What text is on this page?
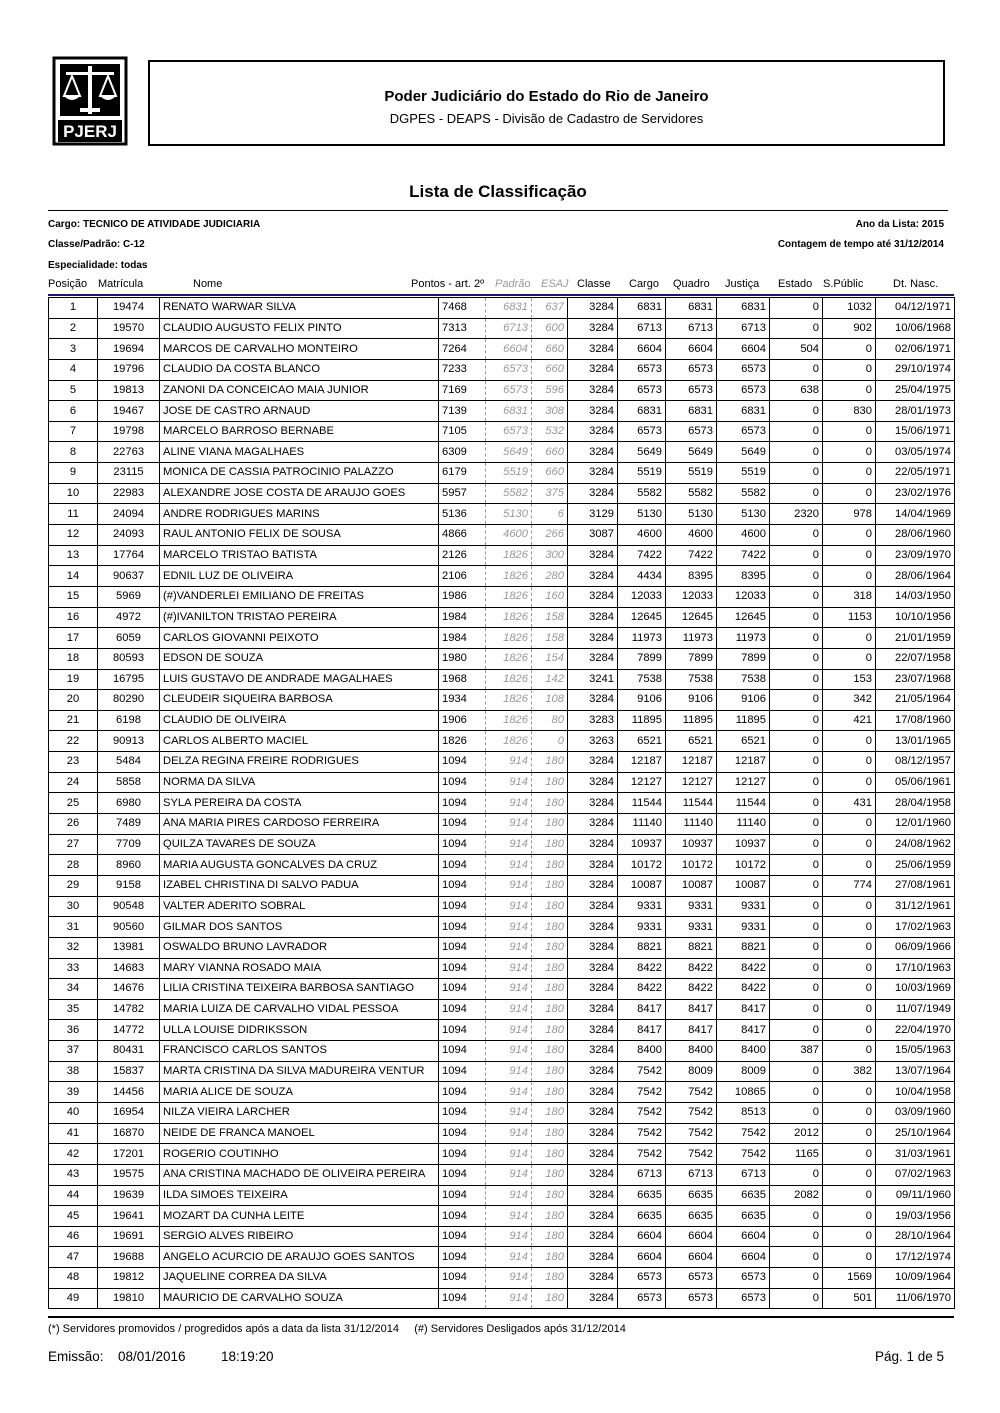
PJERJ
Poder Judiciário do Estado do Rio de Janeiro
DGPES - DEAPS - Divisão de Cadastro de Servidores
Lista de Classificação
Cargo: TECNICO DE ATIVIDADE JUDICIARIA	Ano da Lista: 2015
Classe/Padrão: C-12	Contagem de tempo até 31/12/2014
Especialidade: todas
Posição Matrícula	Nome	Pontos - art. 2º Padrão ESAJ Classe Cargo Quadro Justiça Estado S.Públic	Dt. Nasc.
1	19474	RENATO WARWAR SILVA	7468	6831	637	3284	6831	6831	6831	0	1032	04/12/1971
2	19570	CLAUDIO AUGUSTO FELIX PINTO	7313	6713	600	3284	6713	6713	6713	0	902	10/06/1968
3	19694	MARCOS DE CARVALHO MONTEIRO	7264	6604	660	3284	6604	6604	6604	504	0	02/06/1971
4	19796	CLAUDIO DA COSTA BLANCO	7233	6573	660	3284	6573	6573	6573	0	0	29/10/1974
5	19813	ZANONI DA CONCEICAO MAIA JUNIOR	7169	6573	596	3284	6573	6573	6573	638	0	25/04/1975
6	19467	JOSE DE CASTRO ARNAUD	7139	6831	308	3284	6831	6831	6831	0	830	28/01/1973
7	19798	MARCELO BARROSO BERNABE	7105	6573	532	3284	6573	6573	6573	0	0	15/06/1971
8	22763	ALINE VIANA MAGALHAES	6309	5649	660	3284	5649	5649	5649	0	0	03/05/1974
9	23115	MONICA DE CASSIA PATROCINIO PALAZZO	6179	5519	660	3284	5519	5519	5519	0	0	22/05/1971
10	22983	ALEXANDRE JOSE COSTA DE ARAUJO GOES	5957	5582	375	3284	5582	5582	5582	0	0	23/02/1976
11	24094	ANDRE RODRIGUES MARINS	5136	5130	6	3129	5130	5130	5130	2320	978	14/04/1969
12	24093	RAUL ANTONIO FELIX DE SOUSA	4866	4600	266	3087	4600	4600	4600	0	0	28/06/1960
13	17764	MARCELO TRISTAO BATISTA	2126	1826	300	3284	7422	7422	7422	0	0	23/09/1970
14	90637	EDNIL LUZ DE OLIVEIRA	2106	1826	280	3284	4434	8395	8395	0	0	28/06/1964
15	5969	(#)VANDERLEI EMILIANO DE FREITAS	1986	1826	160	3284	12033	12033	12033	0	318	14/03/1950
16	4972	(#)IVANILTON TRISTAO PEREIRA	1984	1826	158	3284	12645	12645	12645	0	1153	10/10/1956
17	6059	CARLOS GIOVANNI PEIXOTO	1984	1826	158	3284	11973	11973	11973	0	0	21/01/1959
18	80593	EDSON DE SOUZA	1980	1826	154	3284	7899	7899	7899	0	0	22/07/1958
19	16795	LUIS GUSTAVO DE ANDRADE MAGALHAES	1968	1826	142	3241	7538	7538	7538	0	153	23/07/1968
20	80290	CLEUDEIR SIQUEIRA BARBOSA	1934	1826	108	3284	9106	9106	9106	0	342	21/05/1964
21	6198	CLAUDIO DE OLIVEIRA	1906	1826	80	3283	11895	11895	11895	0	421	17/08/1960
22	90913	CARLOS ALBERTO MACIEL	1826	1826	0	3263	6521	6521	6521	0	0	13/01/1965
23	5484	DELZA REGINA FREIRE RODRIGUES	1094	914	180	3284	12187	12187	12187	0	0	08/12/1957
24	5858	NORMA DA SILVA	1094	914	180	3284	12127	12127	12127	0	0	05/06/1961
25	6980	SYLA PEREIRA DA COSTA	1094	914	180	3284	11544	11544	11544	0	431	28/04/1958
26	7489	ANA MARIA PIRES CARDOSO FERREIRA	1094	914	180	3284	11140	11140	11140	0	0	12/01/1960
27	7709	QUILZA TAVARES DE SOUZA	1094	914	180	3284	10937	10937	10937	0	0	24/08/1962
28	8960	MARIA AUGUSTA GONCALVES DA CRUZ	1094	914	180	3284	10172	10172	10172	0	0	25/06/1959
29	9158	IZABEL CHRISTINA DI SALVO PADUA	1094	914	180	3284	10087	10087	10087	0	774	27/08/1961
30	90548	VALTER ADERITO SOBRAL	1094	914	180	3284	9331	9331	9331	0	0	31/12/1961
31	90560	GILMAR DOS SANTOS	1094	914	180	3284	9331	9331	9331	0	0	17/02/1963
32	13981	OSWALDO BRUNO LAVRADOR	1094	914	180	3284	8821	8821	8821	0	0	06/09/1966
33	14683	MARY VIANNA ROSADO MAIA	1094	914	180	3284	8422	8422	8422	0	0	17/10/1963
34	14676	LILIA CRISTINA TEIXEIRA BARBOSA SANTIAGO	1094	914	180	3284	8422	8422	8422	0	0	10/03/1969
35	14782	MARIA LUIZA DE CARVALHO VIDAL PESSOA	1094	914	180	3284	8417	8417	8417	0	0	11/07/1949
36	14772	ULLA LOUISE DIDRIKSSON	1094	914	180	3284	8417	8417	8417	0	0	22/04/1970
37	80431	FRANCISCO CARLOS SANTOS	1094	914	180	3284	8400	8400	8400	387	0	15/05/1963
38	15837	MARTA CRISTINA DA SILVA MADUREIRA VENTUR	1094	914	180	3284	7542	8009	8009	0	382	13/07/1964
39	14456	MARIA ALICE DE SOUZA	1094	914	180	3284	7542	7542	10865	0	0	10/04/1958
40	16954	NILZA VIEIRA LARCHER	1094	914	180	3284	7542	7542	8513	0	0	03/09/1960
41	16870	NEIDE DE FRANCA MANOEL	1094	914	180	3284	7542	7542	7542	2012	0	25/10/1964
42	17201	ROGERIO COUTINHO	1094	914	180	3284	7542	7542	7542	1165	0	31/03/1961
43	19575	ANA CRISTINA MACHADO DE OLIVEIRA PEREIRA	1094	914	180	3284	6713	6713	6713	0	0	07/02/1963
44	19639	ILDA SIMOES TEIXEIRA	1094	914	180	3284	6635	6635	6635	2082	0	09/11/1960
45	19641	MOZART DA CUNHA LEITE	1094	914	180	3284	6635	6635	6635	0	0	19/03/1956
46	19691	SERGIO ALVES RIBEIRO	1094	914	180	3284	6604	6604	6604	0	0	28/10/1964
47	19688	ANGELO ACURCIO DE ARAUJO GOES SANTOS	1094	914	180	3284	6604	6604	6604	0	0	17/12/1974
48	19812	JAQUELINE CORREA DA SILVA	1094	914	180	3284	6573	6573	6573	0	1569	10/09/1964
49	19810	MAURICIO DE CARVALHO SOUZA	1094	914	180	3284	6573	6573	6573	0	501	11/06/1970
(*) Servidores promovidos / progredidos após a data da lista 31/12/2014     (#) Servidores Desligados após 31/12/2014
Emissão: 08/01/2016	18:19:20	Pág. 1 de 5
